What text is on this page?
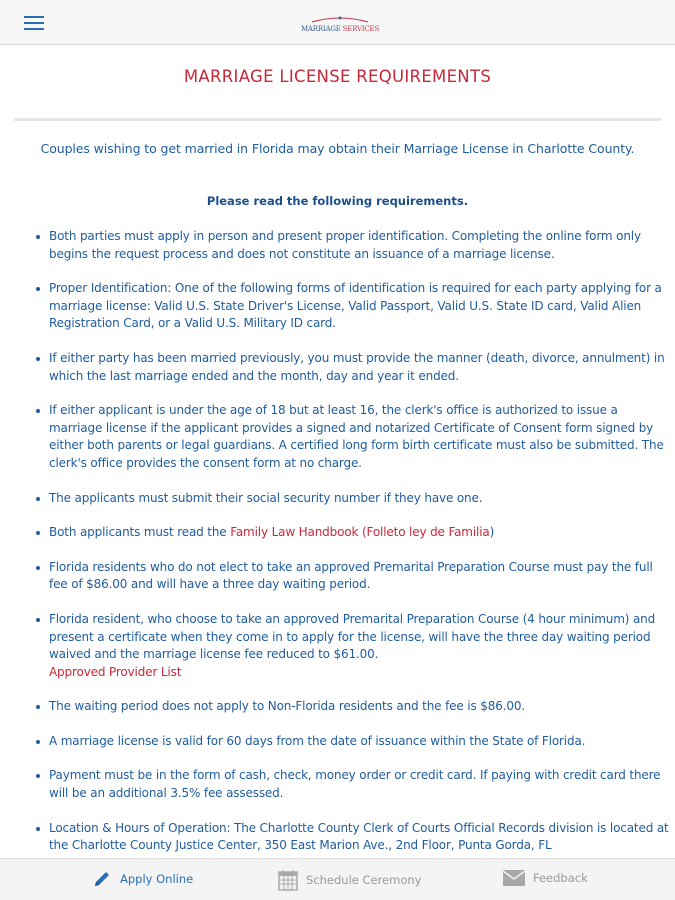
MARRIAGE SERVICES
MARRIAGE LICENSE REQUIREMENTS

Couples wishing to get married in Florida may obtain their Marriage License in Charlotte County.

Please read the following requirements.

Both parties must apply in person and present proper identification. Completing the online form only begins the request process and does not constitute an issuance of a marriage license.
Proper Identification: One of the following forms of identification is required for each party applying for a marriage license: Valid U.S. State Driver's License, Valid Passport, Valid U.S. State ID card, Valid Alien Registration Card, or a Valid U.S. Military ID card.
If either party has been married previously, you must provide the manner (death, divorce, annulment) in which the last marriage ended and the month, day and year it ended.
If either applicant is under the age of 18 but at least 16, the clerk's office is authorized to issue a marriage license if the applicant provides a signed and notarized Certificate of Consent form signed by either both parents or legal guardians. A certified long form birth certificate must also be submitted. The clerk's office provides the consent form at no charge.
The applicants must submit their social security number if they have one.
Both applicants must read the Family Law Handbook (Folleto ley de Familia)
Florida residents who do not elect to take an approved Premarital Preparation Course must pay the full fee of $86.00 and will have a three day waiting period.
Florida resident, who choose to take an approved Premarital Preparation Course (4 hour minimum) and present a certificate when they come in to apply for the license, will have the three day waiting period waived and the marriage license fee reduced to $61.00.
Approved Provider List
The waiting period does not apply to Non-Florida residents and the fee is $86.00.
A marriage license is valid for 60 days from the date of issuance within the State of Florida.
Payment must be in the form of cash, check, money order or credit card. If paying with credit card there will be an additional 3.5% fee assessed.
Location & Hours of Operation: The Charlotte County Clerk of Courts Official Records division is located at the Charlotte County Justice Center, 350 East Marion Ave., 2nd Floor, Punta Gorda, FL
Apply Online	Schedule Ceremony	Feedback
